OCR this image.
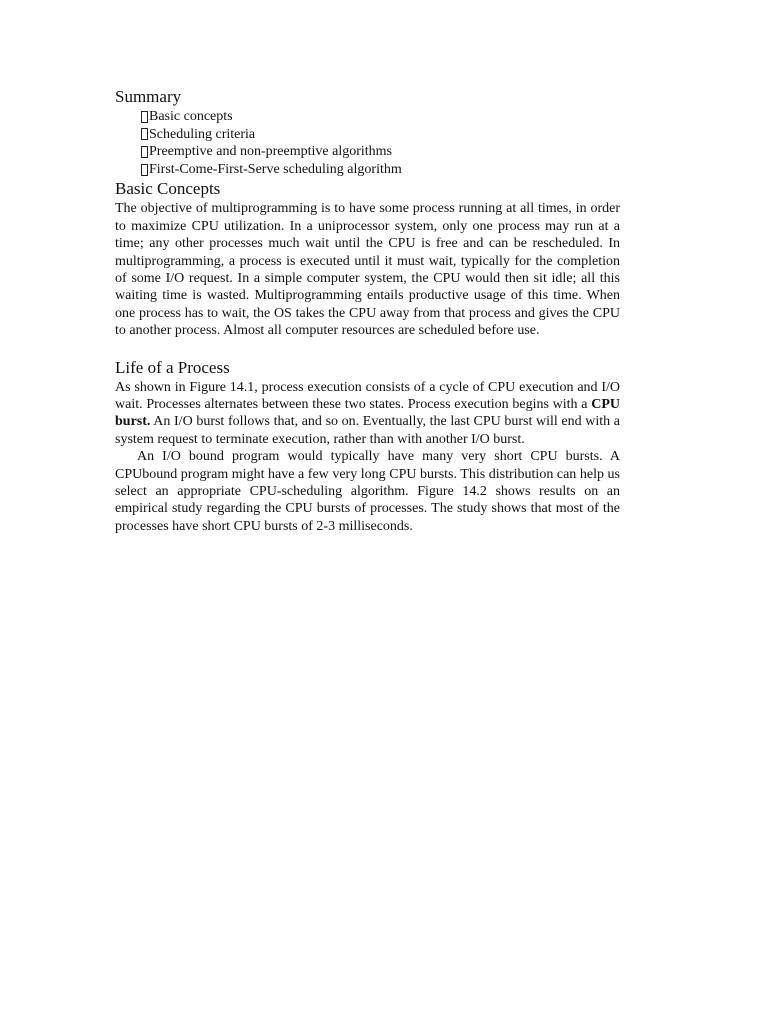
Summary
Basic concepts
Scheduling criteria
Preemptive and non-preemptive algorithms
First-Come-First-Serve scheduling algorithm
Basic Concepts

The objective of multiprogramming is to have some process running at all times, in order to maximize CPU utilization. In a uniprocessor system, only one process may run at a time; any other processes much wait until the CPU is free and can be rescheduled. In multiprogramming, a process is executed until it must wait, typically for the completion of some I/O request. In a simple computer system, the CPU would then sit idle; all this waiting time is wasted. Multiprogramming entails productive usage of this time. When one process has to wait, the OS takes the CPU away from that process and gives the CPU to another process. Almost all computer resources are scheduled before use.

Life of a Process

As shown in Figure 14.1, process execution consists of a cycle of CPU execution and I/O wait. Processes alternates between these two states. Process execution begins with a CPU burst. An I/O burst follows that, and so on. Eventually, the last CPU burst will end with a system request to terminate execution, rather than with another I/O burst.

An I/O bound program would typically have many very short CPU bursts. A CPUbound program might have a few very long CPU bursts. This distribution can help us select an appropriate CPU-scheduling algorithm. Figure 14.2 shows results on an empirical study regarding the CPU bursts of processes. The study shows that most of the processes have short CPU bursts of 2-3 milliseconds.
